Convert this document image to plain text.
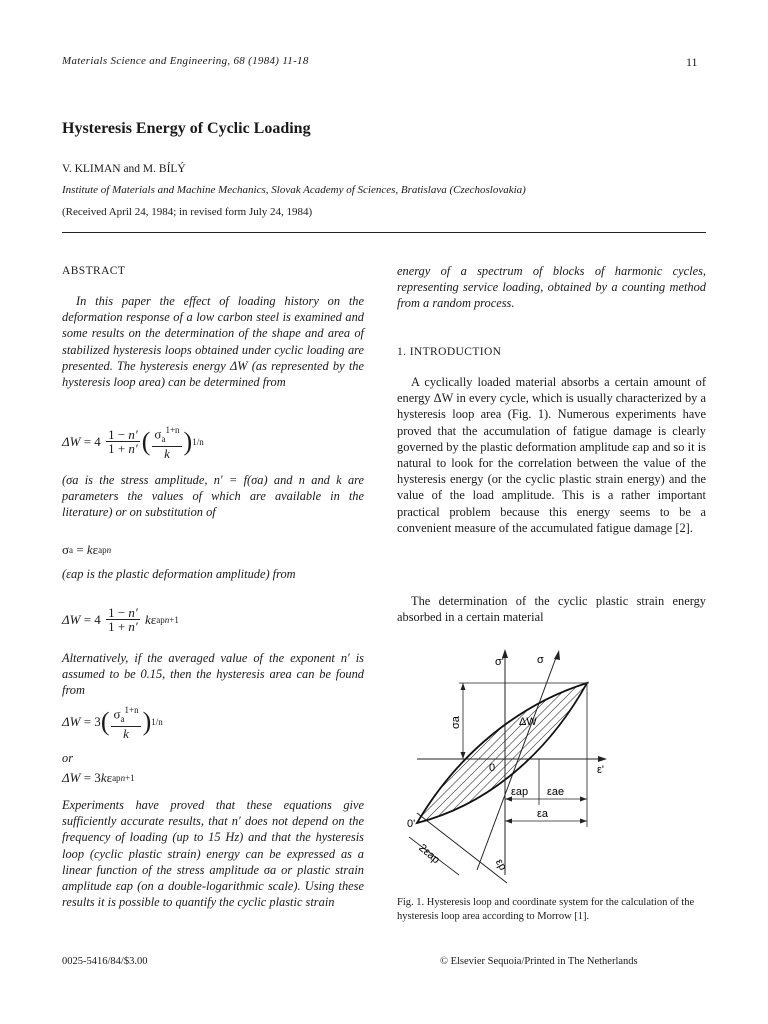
Materials Science and Engineering, 68 (1984) 11-18	11
Hysteresis Energy of Cyclic Loading
V. KLIMAN and M. BÍLÝ
Institute of Materials and Machine Mechanics, Slovak Academy of Sciences, Bratislava (Czechoslovakia)
(Received April 24, 1984; in revised form July 24, 1984)
ABSTRACT

In this paper the effect of loading history on the deformation response of a low carbon steel is examined and some results on the determination of the shape and area of stabilized hysteresis loops obtained under cyclic loading are presented. The hysteresis energy ΔW (as represented by the hysteresis loop area) can be determined from

$\Delta W = 4 \frac{1 - n'}{1 + n'}$ ( $\frac{\sigma_a^{1+n}}{k}$ ) 1/n

(σa is the stress amplitude, n′ = f(σa) and n and k are parameters the values of which are available in the literature) or on substitution of

σ a = k ε ap n

(εap is the plastic deformation amplitude) from

$\Delta W = 4 \frac{1 - n'}{1 + n'}$
k ε ap n+1

Alternatively, if the averaged value of the exponent n′ is assumed to be 0.15, then the hysteresis area can be found from

ΔW = 3 ( $\frac{\sigma_a^{1+n}}{k}$ ) 1/n
or
ΔW = 3 k ε ap n+1

Experiments have proved that these equations give sufficiently accurate results, that n′ does not depend on the frequency of loading (up to 15 Hz) and that the hysteresis loop (cyclic plastic strain) energy can be expressed as a linear function of the stress amplitude σa or plastic strain amplitude εap (on a double-logarithmic scale). Using these results it is possible to quantify the cyclic plastic strain

energy of a spectrum of blocks of harmonic cycles, representing service loading, obtained by a counting method from a random process.

1. INTRODUCTION

A cyclically loaded material absorbs a certain amount of energy ΔW in every cycle, which is usually characterized by a hysteresis loop area (Fig. 1). Numerous experiments have proved that the accumulation of fatigue damage is clearly governed by the plastic deformation amplitude εap and so it is natural to look for the correlation between the value of the hysteresis energy (or the cyclic plastic strain energy) and the value of the load amplitude. This is a rather important practical problem because this energy seems to be a convenient measure of the accumulated fatigue damage [2].

The determination of the cyclic plastic strain energy absorbed in a certain material

σ'	σ
σa	ΔW
0
0'
ε'
εap εae
εa
2εap	εp
Fig. 1. Hysteresis loop and coordinate system for the calculation of the hysteresis loop area according to Morrow [1].
0025-5416/84/$3.00	© Elsevier Sequoia/Printed in The Netherlands
